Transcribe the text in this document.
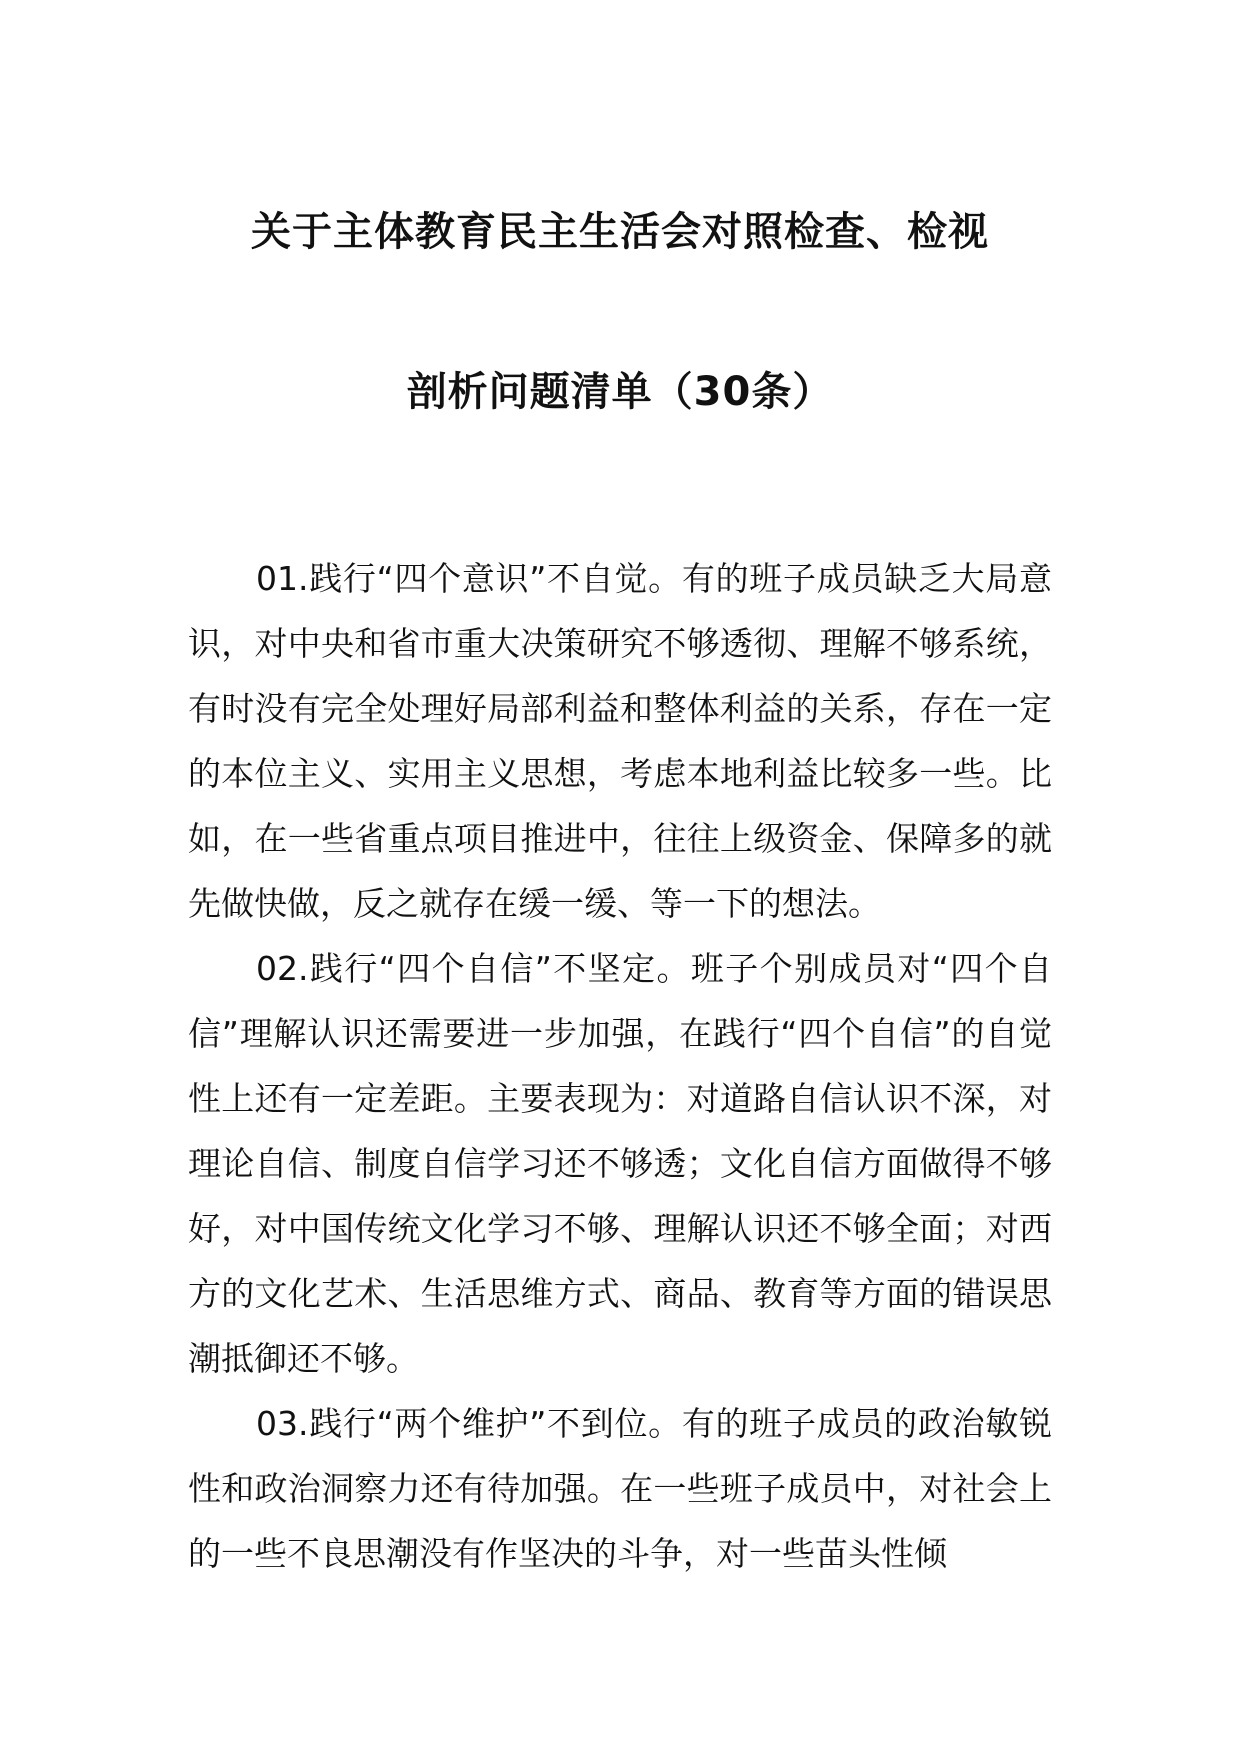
关于主体教育民主生活会对照检查、检视
剖析问题清单（30条）

01.践行“四个意识”不自觉。有的班子成员缺乏大局意识，对中央和省市重大决策研究不够透彻、理解不够系统，有时没有完全处理好局部利益和整体利益的关系，存在一定的本位主义、实用主义思想，考虑本地利益比较多一些。比如，在一些省重点项目推进中，往往上级资金、保障多的就先做快做，反之就存在缓一缓、等一下的想法。

02.践行“四个自信”不坚定。班子个别成员对“四个自信”理解认识还需要进一步加强，在践行“四个自信”的自觉性上还有一定差距。主要表现为：对道路自信认识不深，对理论自信、制度自信学习还不够透；文化自信方面做得不够好，对中国传统文化学习不够、理解认识还不够全面；对西方的文化艺术、生活思维方式、商品、教育等方面的错误思潮抵御还不够。

03.践行“两个维护”不到位。有的班子成员的政治敏锐性和政治洞察力还有待加强。在一些班子成员中，对社会上的一些不良思潮没有作坚决的斗争，对一些苗头性倾
